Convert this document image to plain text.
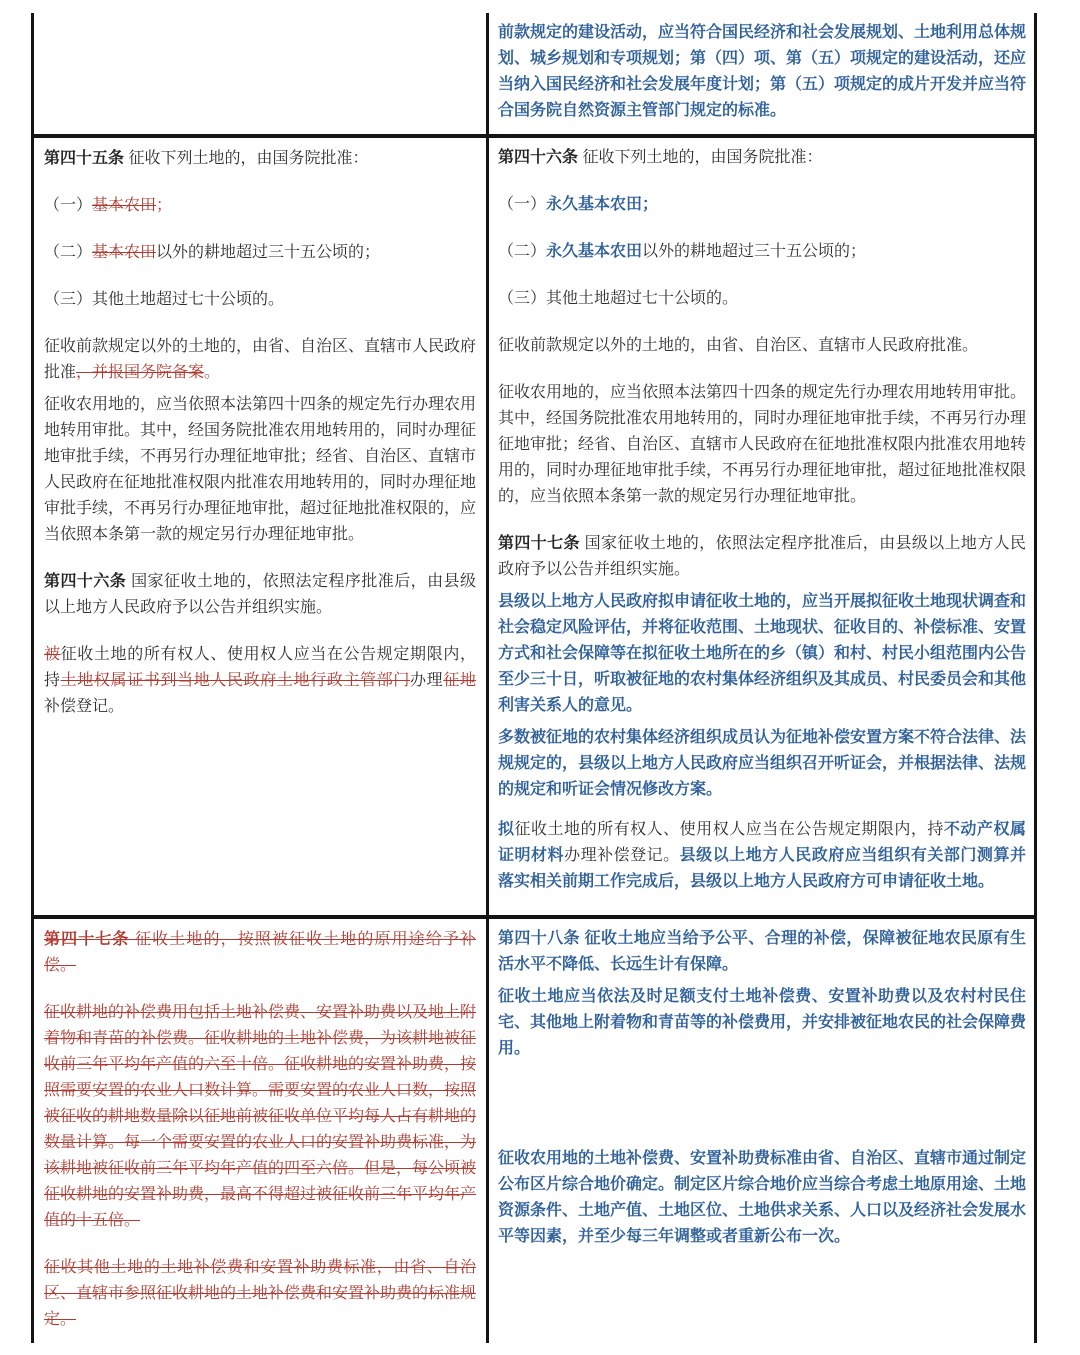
前款规定的建设活动，应当符合国民经济和社会发展规划、土地利用总体规划、城乡规划和专项规划；第（四）项、第（五）项规定的建设活动，还应当纳入国民经济和社会发展年度计划；第（五）项规定的成片开发并应当符合国务院自然资源主管部门规定的标准。

第四十五条 征收下列土地的，由国务院批准：

（一）基本农田；

（二）基本农田以外的耕地超过三十五公顷的；

（三）其他土地超过七十公顷的。

征收前款规定以外的土地的，由省、自治区、直辖市人民政府批准，并报国务院备案。

征收农用地的，应当依照本法第四十四条的规定先行办理农用地转用审批。其中，经国务院批准农用地转用的，同时办理征地审批手续，不再另行办理征地审批；经省、自治区、直辖市人民政府在征地批准权限内批准农用地转用的，同时办理征地审批手续，不再另行办理征地审批，超过征地批准权限的，应当依照本条第一款的规定另行办理征地审批。

第四十六条 国家征收土地的，依照法定程序批准后，由县级以上地方人民政府予以公告并组织实施。

被征收土地的所有权人、使用权人应当在公告规定期限内，持土地权属证书到当地人民政府土地行政主管部门办理征地补偿登记。

第四十六条 征收下列土地的，由国务院批准：

（一）永久基本农田；

（二）永久基本农田以外的耕地超过三十五公顷的；

（三）其他土地超过七十公顷的。

征收前款规定以外的土地的，由省、自治区、直辖市人民政府批准。

征收农用地的，应当依照本法第四十四条的规定先行办理农用地转用审批。其中，经国务院批准农用地转用的，同时办理征地审批手续，不再另行办理征地审批；经省、自治区、直辖市人民政府在征地批准权限内批准农用地转用的，同时办理征地审批手续，不再另行办理征地审批，超过征地批准权限的，应当依照本条第一款的规定另行办理征地审批。

第四十七条 国家征收土地的，依照法定程序批准后，由县级以上地方人民政府予以公告并组织实施。

县级以上地方人民政府拟申请征收土地的，应当开展拟征收土地现状调查和社会稳定风险评估，并将征收范围、土地现状、征收目的、补偿标准、安置方式和社会保障等在拟征收土地所在的乡（镇）和村、村民小组范围内公告至少三十日，听取被征地的农村集体经济组织及其成员、村民委员会和其他利害关系人的意见。

多数被征地的农村集体经济组织成员认为征地补偿安置方案不符合法律、法规规定的，县级以上地方人民政府应当组织召开听证会，并根据法律、法规的规定和听证会情况修改方案。

拟征收土地的所有权人、使用权人应当在公告规定期限内，持不动产权属证明材料办理补偿登记。县级以上地方人民政府应当组织有关部门测算并落实相关前期工作完成后，县级以上地方人民政府方可申请征收土地。

第四十七条 征收土地的，按照被征收土地的原用途给予补偿。

征收耕地的补偿费用包括土地补偿费、安置补助费以及地上附着物和青苗的补偿费。征收耕地的土地补偿费，为该耕地被征收前三年平均年产值的六至十倍。征收耕地的安置补助费，按照需要安置的农业人口数计算。需要安置的农业人口数，按照被征收的耕地数量除以征地前被征收单位平均每人占有耕地的数量计算。每一个需要安置的农业人口的安置补助费标准，为该耕地被征收前三年平均年产值的四至六倍。但是，每公顷被征收耕地的安置补助费，最高不得超过被征收前三年平均年产值的十五倍。

征收其他土地的土地补偿费和安置补助费标准，由省、自治区、直辖市参照征收耕地的土地补偿费和安置补助费的标准规定。

第四十八条 征收土地应当给予公平、合理的补偿，保障被征地农民原有生活水平不降低、长远生计有保障。

征收土地应当依法及时足额支付土地补偿费、安置补助费以及农村村民住宅、其他地上附着物和青苗等的补偿费用，并安排被征地农民的社会保障费用。

征收农用地的土地补偿费、安置补助费标准由省、自治区、直辖市通过制定公布区片综合地价确定。制定区片综合地价应当综合考虑土地原用途、土地资源条件、土地产值、土地区位、土地供求关系、人口以及经济社会发展水平等因素，并至少每三年调整或者重新公布一次。
